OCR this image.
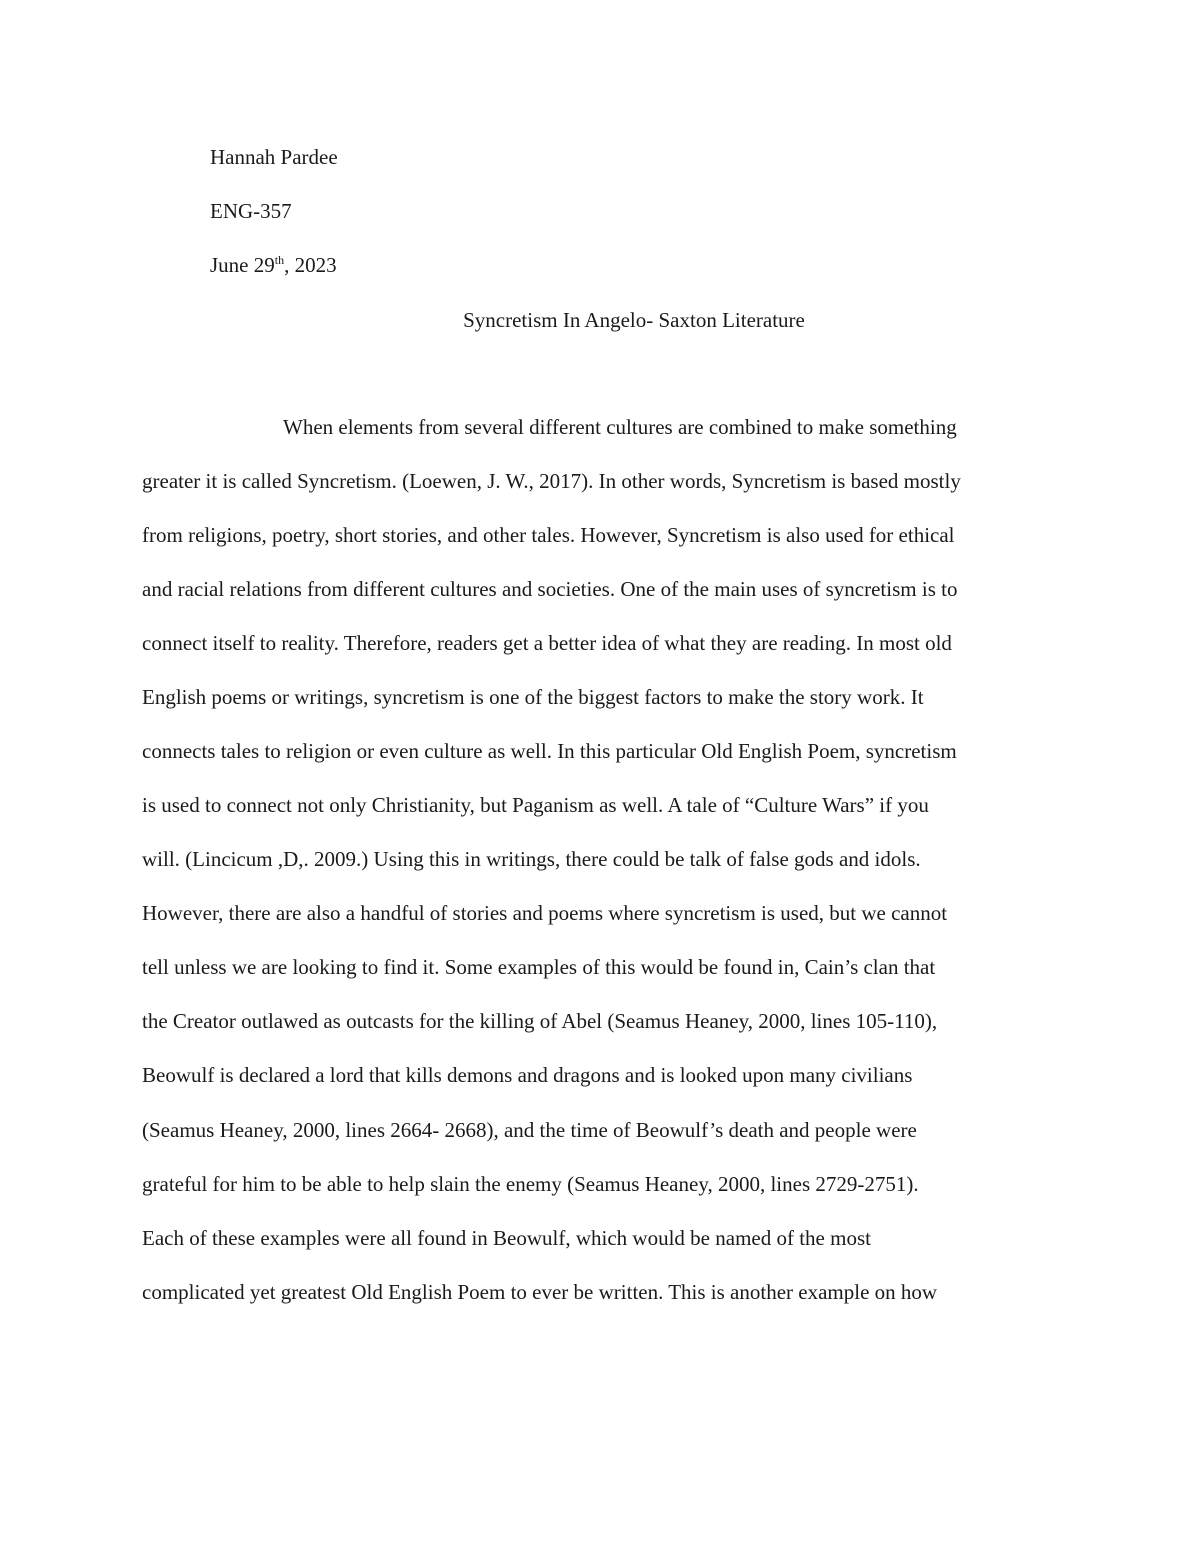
Hannah Pardee
ENG-357
June 29th, 2023
Syncretism In Angelo- Saxton Literature
When elements from several different cultures are combined to make something
greater it is called Syncretism. (Loewen, J. W., 2017). In other words, Syncretism is based mostly
from religions, poetry, short stories, and other tales. However, Syncretism is also used for ethical
and racial relations from different cultures and societies. One of the main uses of syncretism is to
connect itself to reality. Therefore, readers get a better idea of what they are reading. In most old
English poems or writings, syncretism is one of the biggest factors to make the story work. It
connects tales to religion or even culture as well. In this particular Old English Poem, syncretism
is used to connect not only Christianity, but Paganism as well. A tale of “Culture Wars” if you
will. (Lincicum ,D,. 2009.) Using this in writings, there could be talk of false gods and idols.
However, there are also a handful of stories and poems where syncretism is used, but we cannot
tell unless we are looking to find it. Some examples of this would be found in, Cain’s clan that
the Creator outlawed as outcasts for the killing of Abel (Seamus Heaney, 2000, lines 105-110),
Beowulf is declared a lord that kills demons and dragons and is looked upon many civilians
(Seamus Heaney, 2000, lines 2664- 2668), and the time of Beowulf’s death and people were
grateful for him to be able to help slain the enemy (Seamus Heaney, 2000, lines 2729-2751).
Each of these examples were all found in Beowulf, which would be named of the most
complicated yet greatest Old English Poem to ever be written. This is another example on how
